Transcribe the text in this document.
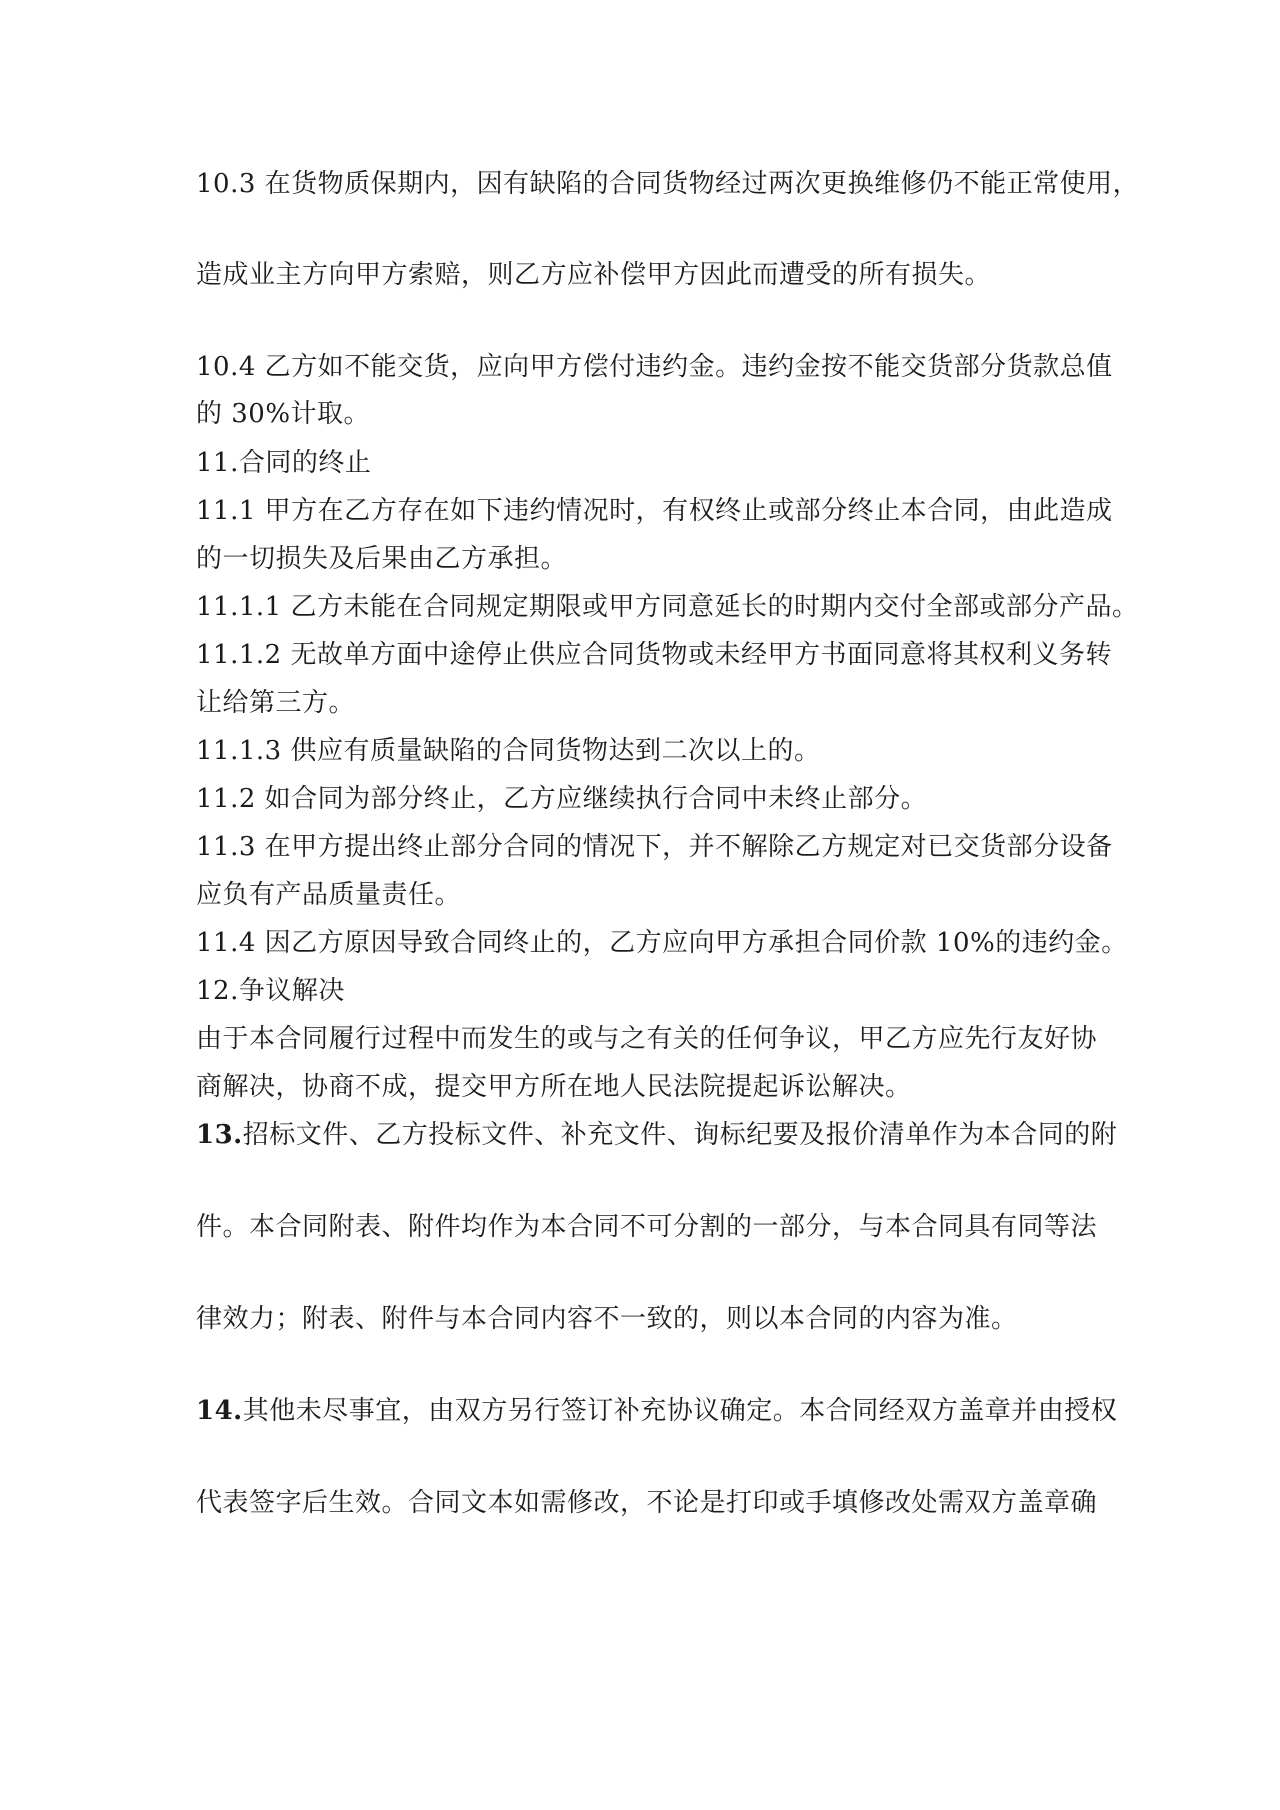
10.3 在货物质保期内，因有缺陷的合同货物经过两次更换维修仍不能正常使用，
造成业主方向甲方索赔，则乙方应补偿甲方因此而遭受的所有损失。
10.4 乙方如不能交货，应向甲方偿付违约金。违约金按不能交货部分货款总值
的 30%计取。
11.合同的终止
11.1 甲方在乙方存在如下违约情况时，有权终止或部分终止本合同，由此造成
的一切损失及后果由乙方承担。
11.1.1 乙方未能在合同规定期限或甲方同意延长的时期内交付全部或部分产品。
11.1.2 无故单方面中途停止供应合同货物或未经甲方书面同意将其权利义务转
让给第三方。
11.1.3 供应有质量缺陷的合同货物达到二次以上的。
11.2 如合同为部分终止，乙方应继续执行合同中未终止部分。
11.3 在甲方提出终止部分合同的情况下，并不解除乙方规定对已交货部分设备
应负有产品质量责任。
11.4 因乙方原因导致合同终止的，乙方应向甲方承担合同价款 10%的违约金。
12.争议解决
由于本合同履行过程中而发生的或与之有关的任何争议，甲乙方应先行友好协
商解决，协商不成，提交甲方所在地人民法院提起诉讼解决。
13.招标文件、乙方投标文件、补充文件、询标纪要及报价清单作为本合同的附
件。本合同附表、附件均作为本合同不可分割的一部分，与本合同具有同等法
律效力；附表、附件与本合同内容不一致的，则以本合同的内容为准。
14.其他未尽事宜，由双方另行签订补充协议确定。本合同经双方盖章并由授权
代表签字后生效。合同文本如需修改，不论是打印或手填修改处需双方盖章确
